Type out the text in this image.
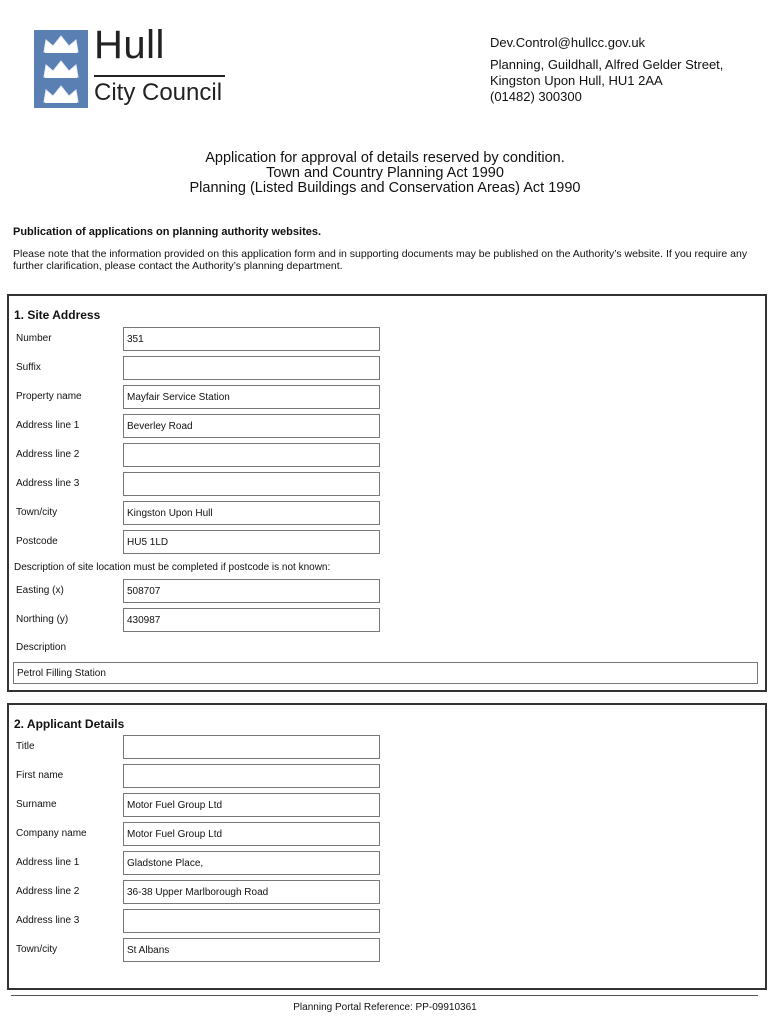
Hull
City Council
Dev.Control@hullcc.gov.uk
Planning, Guildhall, Alfred Gelder Street,
Kingston Upon Hull, HU1 2AA
(01482) 300300
Application for approval of details reserved by condition.
Town and Country Planning Act 1990
Planning (Listed Buildings and Conservation Areas) Act 1990
Publication of applications on planning authority websites.
Please note that the information provided on this application form and in supporting documents may be published on the Authority’s website. If you require any further clarification, please contact the Authority’s planning department.
1. Site Address
Number	351
Suffix
Property name	Mayfair Service Station
Address line 1	Beverley Road
Address line 2
Address line 3
Town/city	Kingston Upon Hull
Postcode	HU5 1LD
Description of site location must be completed if postcode is not known:
Easting (x)	508707
Northing (y)	430987
Description
Petrol Filling Station
2. Applicant Details
Title
First name
Surname	Motor Fuel Group Ltd
Company name	Motor Fuel Group Ltd
Address line 1	Gladstone Place,
Address line 2	36-38 Upper Marlborough Road
Address line 3
Town/city	St Albans
Planning Portal Reference: PP-09910361
